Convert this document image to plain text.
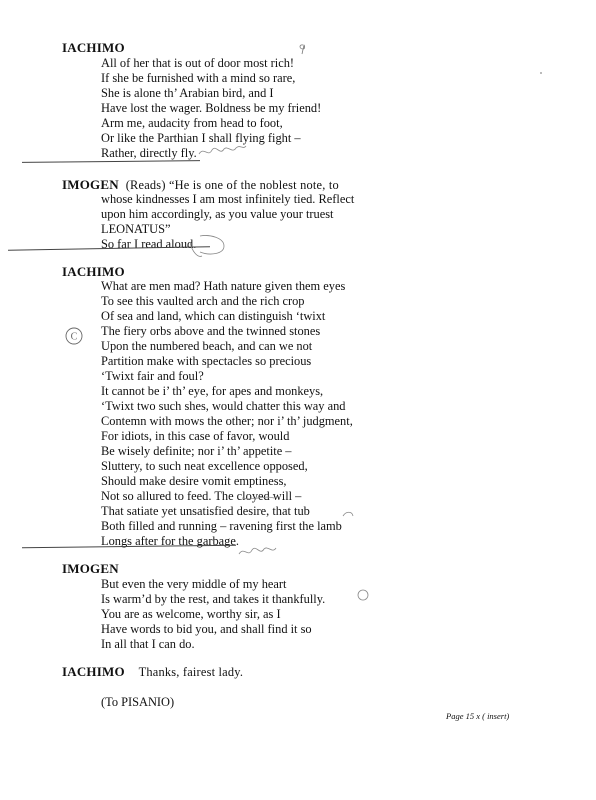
IACHIMO
All of her that is out of door most rich!
If she be furnished with a mind so rare,
She is alone th’ Arabian bird, and I
Have lost the wager. Boldness be my friend!
Arm me, audacity from head to foot,
Or like the Parthian I shall flying fight –
Rather, directly fly.
IMOGEN (Reads) “He is one of the noblest note, to
whose kindnesses I am most infinitely tied. Reflect
upon him accordingly, as you value your truest
LEONATUS”
So far I read aloud.
IACHIMO
What are men mad? Hath nature given them eyes
To see this vaulted arch and the rich crop
Of sea and land, which can distinguish ‘twixt
The fiery orbs above and the twinned stones
Upon the numbered beach, and can we not
Partition make with spectacles so precious
‘Twixt fair and foul?
It cannot be i’ th’ eye, for apes and monkeys,
‘Twixt two such shes, would chatter this way and
Contemn with mows the other; nor i’ th’ judgment,
For idiots, in this case of favor, would
Be wisely definite; nor i’ th’ appetite –
Sluttery, to such neat excellence opposed,
Should make desire vomit emptiness,
Not so allured to feed. The cloyed will –
That satiate yet unsatisfied desire, that tub
Both filled and running – ravening first the lamb
Longs after for the garbage.
C
IMOGEN
But even the very middle of my heart
Is warm’d by the rest, and takes it thankfully.
You are as welcome, worthy sir, as I
Have words to bid you, and shall find it so
In all that I can do.
IACHIMO Thanks, fairest lady.
(To PISANIO)
Page 15 x ( insert)
